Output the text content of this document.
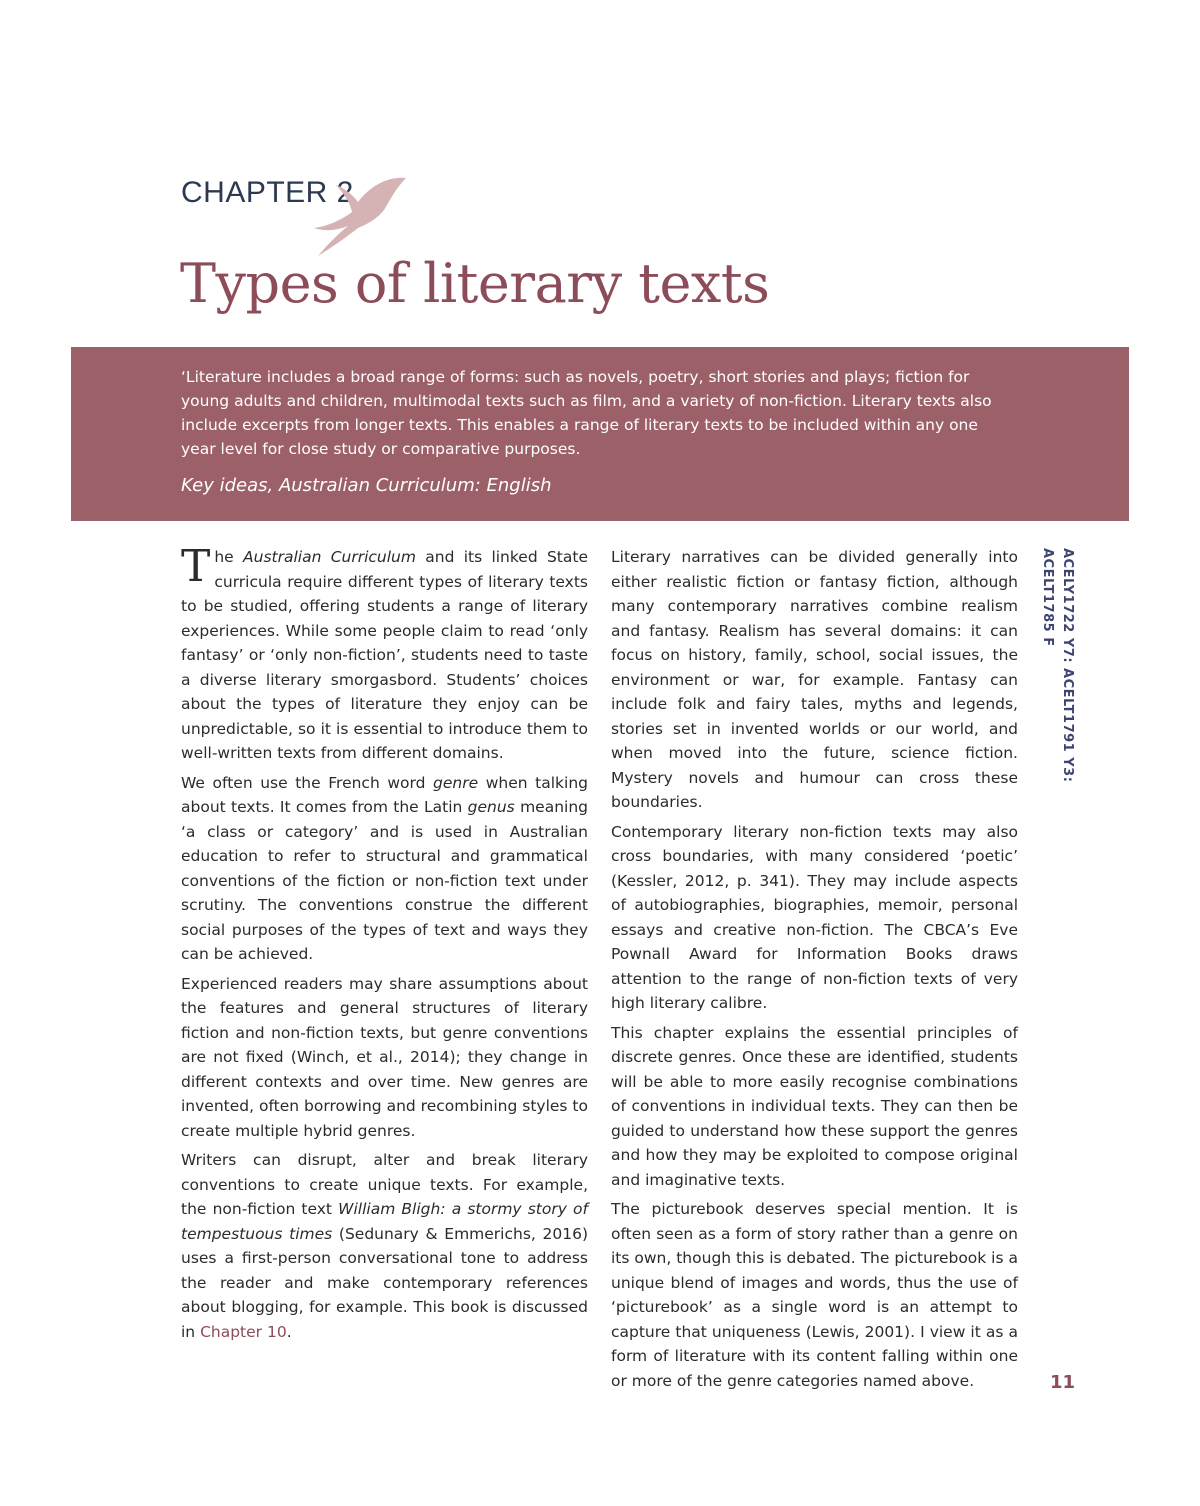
CHAPTER 2
Types of literary texts

‘Literature includes a broad range of forms: such as novels, poetry, short stories and plays; fiction for young adults and children, multimodal texts such as film, and a variety of non-fiction. Literary texts also include excerpts from longer texts. This enables a range of literary texts to be included within any one year level for close study or comparative purposes.

Key ideas, Australian Curriculum: English

The Australian Curriculum and its linked State curricula require different types of literary texts to be studied, offering students a range of literary experiences. While some people claim to read ‘only fantasy’ or ‘only non-fiction’, students need to taste a diverse literary smorgasbord. Students’ choices about the types of literature they enjoy can be unpredictable, so it is essential to introduce them to well-written texts from different domains.

We often use the French word genre when talking about texts. It comes from the Latin genus meaning ‘a class or category’ and is used in Australian education to refer to structural and grammatical conventions of the fiction or non-fiction text under scrutiny. The conventions construe the different social purposes of the types of text and ways they can be achieved.

Experienced readers may share assumptions about the features and general structures of literary fiction and non-fiction texts, but genre conventions are not fixed (Winch, et al., 2014); they change in different contexts and over time. New genres are invented, often borrowing and recombining styles to create multiple hybrid genres.

Writers can disrupt, alter and break literary conventions to create unique texts. For example, the non-fiction text William Bligh: a stormy story of tempestuous times (Sedunary & Emmerichs, 2016) uses a first-person conversational tone to address the reader and make contemporary references about blogging, for example. This book is discussed in Chapter 10.

Literary narratives can be divided generally into either realistic fiction or fantasy fiction, although many contemporary narratives combine realism and fantasy. Realism has several domains: it can focus on history, family, school, social issues, the environment or war, for example. Fantasy can include folk and fairy tales, myths and legends, stories set in invented worlds or our world, and when moved into the future, science fiction. Mystery novels and humour can cross these boundaries.

Contemporary literary non-fiction texts may also cross boundaries, with many considered ‘poetic’ (Kessler, 2012, p. 341). They may include aspects of autobiographies, biographies, memoir, personal essays and creative non-fiction. The CBCA’s Eve Pownall Award for Information Books draws attention to the range of non-fiction texts of very high literary calibre.

This chapter explains the essential principles of discrete genres. Once these are identified, students will be able to more easily recognise combinations of conventions in individual texts. They can then be guided to understand how these support the genres and how they may be exploited to compose original and imaginative texts.

The picturebook deserves special mention. It is often seen as a form of story rather than a genre on its own, though this is debated. The picturebook is a unique blend of images and words, thus the use of ‘picturebook’ as a single word is an attempt to capture that uniqueness (Lewis, 2001). I view it as a form of literature with its content falling within one or more of the genre categories named above.

ACELY1722 Y7: ACELT1791 Y3:
ACELT1785 F
11
